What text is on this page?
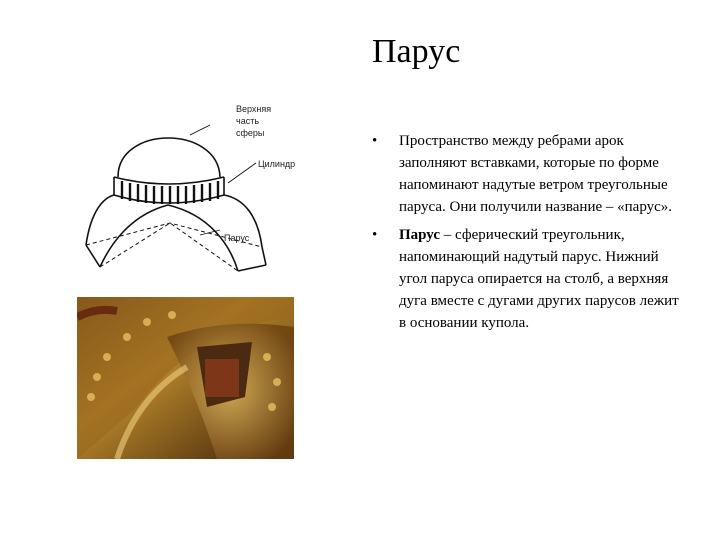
Парус
Верхняя
часть
сферы
Цилиндр
Парус
• Пространство между ребрами арок заполняют вставками, которые по форме напоминают надутые ветром треугольные паруса. Они получили название – «парус».
• Парус – сферический треугольник, напоминающий надутый парус. Нижний угол паруса опирается на столб, а верхняя дуга вместе с дугами других парусов лежит в основании купола.
